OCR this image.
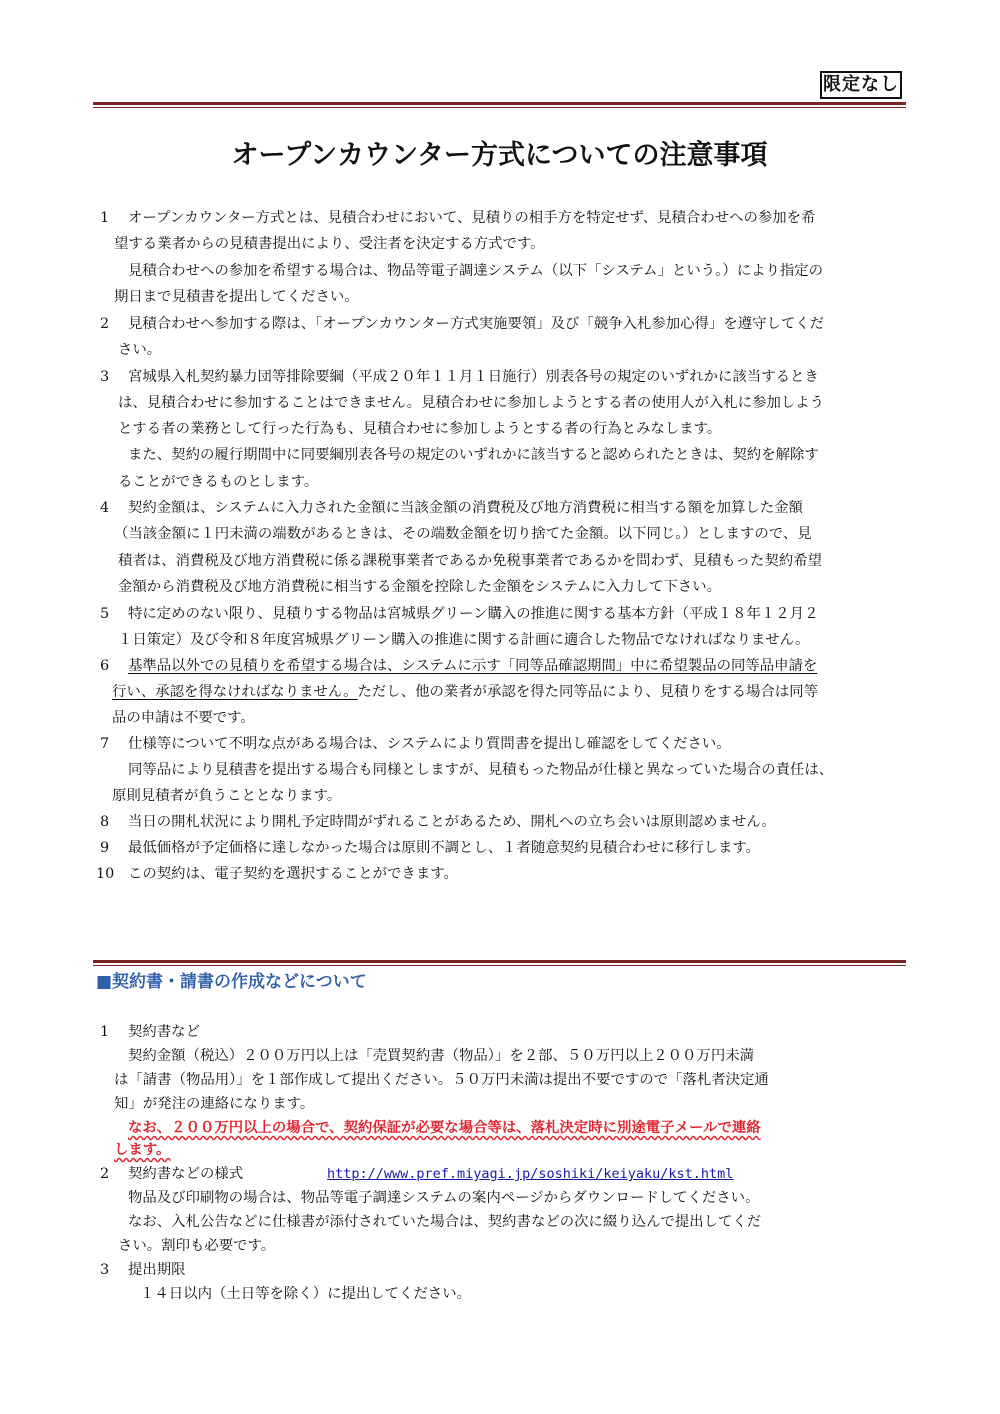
限定なし
オープンカウンター方式についての注意事項
1 オープンカウンター方式とは、見積合わせにおいて、見積りの相手方を特定せず、見積合わせへの参加を希
望する業者からの見積書提出により、受注者を決定する方式です。
見積合わせへの参加を希望する場合は、物品等電子調達システム（以下「システム」という。）により指定の
期日まで見積書を提出してください。
2 見積合わせへ参加する際は、「オープンカウンター方式実施要領」及び「競争入札参加心得」を遵守してくだ
さい。
3 宮城県入札契約暴力団等排除要綱（平成２０年１１月１日施行）別表各号の規定のいずれかに該当するとき
は、見積合わせに参加することはできません。見積合わせに参加しようとする者の使用人が入札に参加しよう
とする者の業務として行った行為も、見積合わせに参加しようとする者の行為とみなします。
また、契約の履行期間中に同要綱別表各号の規定のいずれかに該当すると認められたときは、契約を解除す
ることができるものとします。
4 契約金額は、システムに入力された金額に当該金額の消費税及び地方消費税に相当する額を加算した金額
（当該金額に１円未満の端数があるときは、その端数金額を切り捨てた金額。以下同じ。）としますので、見
積者は、消費税及び地方消費税に係る課税事業者であるか免税事業者であるかを問わず、見積もった契約希望
金額から消費税及び地方消費税に相当する金額を控除した金額をシステムに入力して下さい。
5 特に定めのない限り、見積りする物品は宮城県グリーン購入の推進に関する基本方針（平成１８年１２月２
１日策定）及び令和８年度宮城県グリーン購入の推進に関する計画に適合した物品でなければなりません。
6 基準品以外での見積りを希望する場合は、システムに示す「同等品確認期間」中に希望製品の同等品申請を
行い、承認を得なければなりません。ただし、他の業者が承認を得た同等品により、見積りをする場合は同等
品の申請は不要です。
7 仕様等について不明な点がある場合は、システムにより質問書を提出し確認をしてください。
同等品により見積書を提出する場合も同様としますが、見積もった物品が仕様と異なっていた場合の責任は、
原則見積者が負うこととなります。
8 当日の開札状況により開札予定時間がずれることがあるため、開札への立ち会いは原則認めません。
9 最低価格が予定価格に達しなかった場合は原則不調とし、１者随意契約見積合わせに移行します。
10 この契約は、電子契約を選択することができます。
■契約書・請書の作成などについて
1 契約書など
契約金額（税込）２００万円以上は「売買契約書（物品）」を２部、５０万円以上２００万円未満
は「請書（物品用）」を１部作成して提出ください。５０万円未満は提出不要ですので「落札者決定通
知」が発注の連絡になります。
なお、２００万円以上の場合で、契約保証が必要な場合等は、落札決定時に別途電子メールで連絡
します。
2 契約書などの様式	http://www.pref.miyagi.jp/soshiki/keiyaku/kst.html
物品及び印刷物の場合は、物品等電子調達システムの案内ページからダウンロードしてください。
なお、入札公告などに仕様書が添付されていた場合は、契約書などの次に綴り込んで提出してくだ
さい。割印も必要です。
3 提出期限
１４日以内（土日等を除く）に提出してください。
